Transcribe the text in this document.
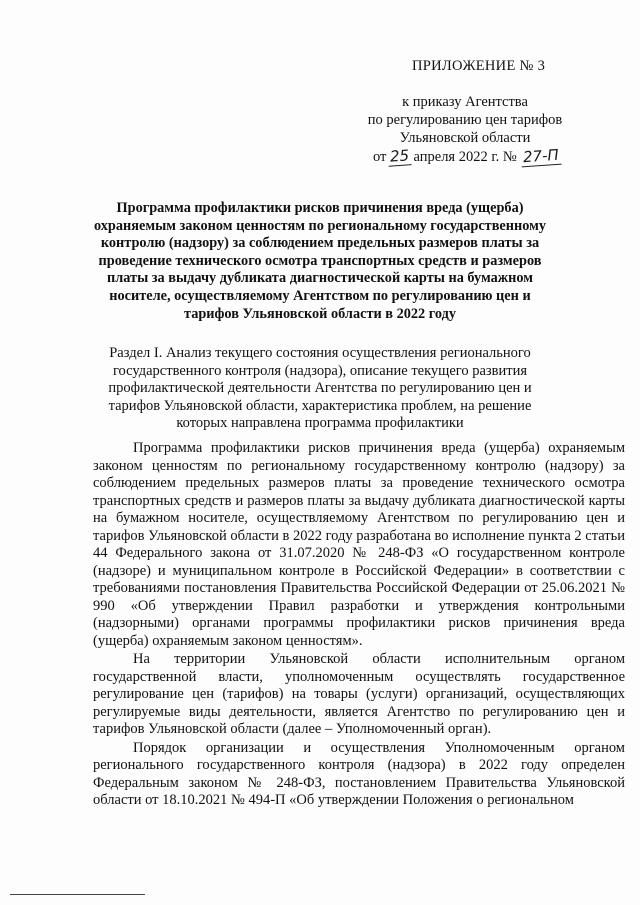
ПРИЛОЖЕНИЕ № 3
к приказу Агентства
по регулированию цен тарифов
Ульяновской области
от 25 апреля 2022 г. № 27-П
Программа профилактики рисков причинения вреда (ущерба) охраняемым законом ценностям по региональному государственному контролю (надзору) за соблюдением предельных размеров платы за проведение технического осмотра транспортных средств и размеров платы за выдачу дубликата диагностической карты на бумажном носителе, осуществляемому Агентством по регулированию цен и тарифов Ульяновской области в 2022 году
Раздел I. Анализ текущего состояния осуществления регионального государственного контроля (надзора), описание текущего развития профилактической деятельности Агентства по регулированию цен и тарифов Ульяновской области, характеристика проблем, на решение которых направлена программа профилактики

Программа профилактики рисков причинения вреда (ущерба) охраняемым законом ценностям по региональному государственному контролю (надзору) за соблюдением предельных размеров платы за проведение технического осмотра транспортных средств и размеров платы за выдачу дубликата диагностической карты на бумажном носителе, осуществляемому Агентством по регулированию цен и тарифов Ульяновской области в 2022 году разработана во исполнение пункта 2 статьи 44 Федерального закона от 31.07.2020 № 248-ФЗ «О государственном контроле (надзоре) и муниципальном контроле в Российской Федерации» в соответствии с требованиями постановления Правительства Российской Федерации от 25.06.2021 № 990 «Об утверждении Правил разработки и утверждения контрольными (надзорными) органами программы профилактики рисков причинения вреда (ущерба) охраняемым законом ценностям».

На территории Ульяновской области исполнительным органом государственной власти, уполномоченным осуществлять государственное регулирование цен (тарифов) на товары (услуги) организаций, осуществляющих регулируемые виды деятельности, является Агентство по регулированию цен и тарифов Ульяновской области (далее – Уполномоченный орган).

Порядок организации и осуществления Уполномоченным органом регионального государственного контроля (надзора) в 2022 году определен Федеральным законом № 248-ФЗ, постановлением Правительства Ульяновской области от 18.10.2021 № 494-П «Об утверждении Положения о региональном
